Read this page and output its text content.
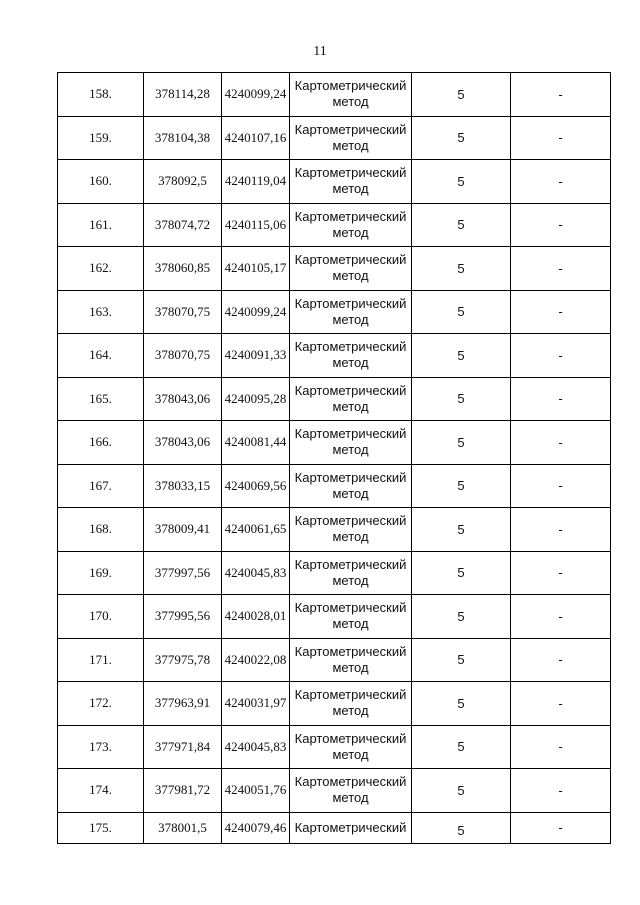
11
158.	378114,28	4240099,24	Картометрический метод	5	-
159.	378104,38	4240107,16	Картометрический метод	5	-
160.	378092,5	4240119,04	Картометрический метод	5	-
161.	378074,72	4240115,06	Картометрический метод	5	-
162.	378060,85	4240105,17	Картометрический метод	5	-
163.	378070,75	4240099,24	Картометрический метод	5	-
164.	378070,75	4240091,33	Картометрический метод	5	-
165.	378043,06	4240095,28	Картометрический метод	5	-
166.	378043,06	4240081,44	Картометрический метод	5	-
167.	378033,15	4240069,56	Картометрический метод	5	-
168.	378009,41	4240061,65	Картометрический метод	5	-
169.	377997,56	4240045,83	Картометрический метод	5	-
170.	377995,56	4240028,01	Картометрический метод	5	-
171.	377975,78	4240022,08	Картометрический метод	5	-
172.	377963,91	4240031,97	Картометрический метод	5	-
173.	377971,84	4240045,83	Картометрический метод	5	-
174.	377981,72	4240051,76	Картометрический метод	5	-
175.	378001,5	4240079,46	Картометрический	5	-
